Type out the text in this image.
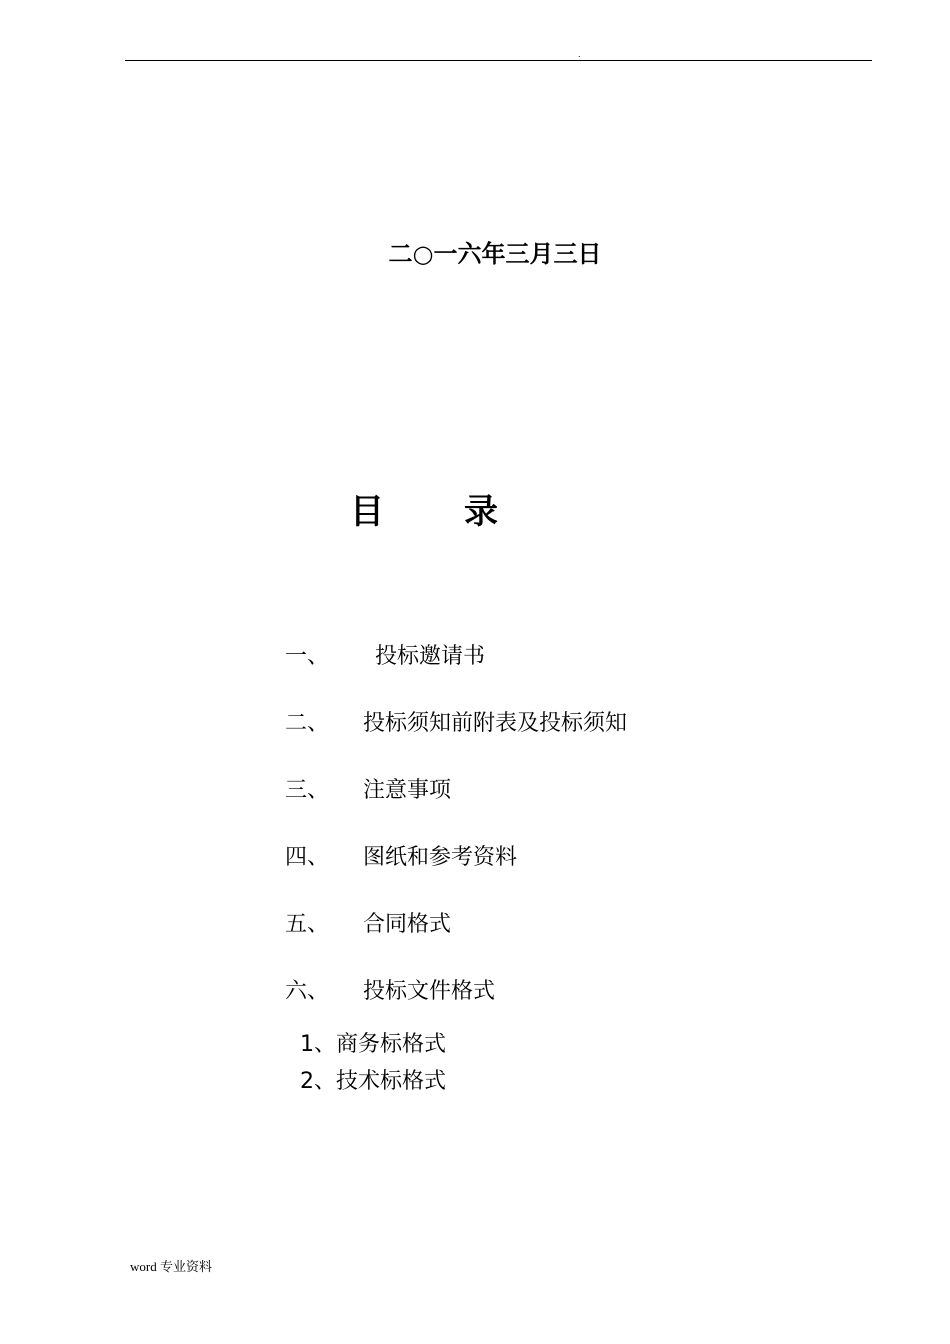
.
二○一六年三月三日
目 录
一、 投标邀请书
二、 投标须知前附表及投标须知
三、 注意事项
四、 图纸和参考资料
五、 合同格式
六、 投标文件格式
1、商务标格式
2、技术标格式
word 专业资料
